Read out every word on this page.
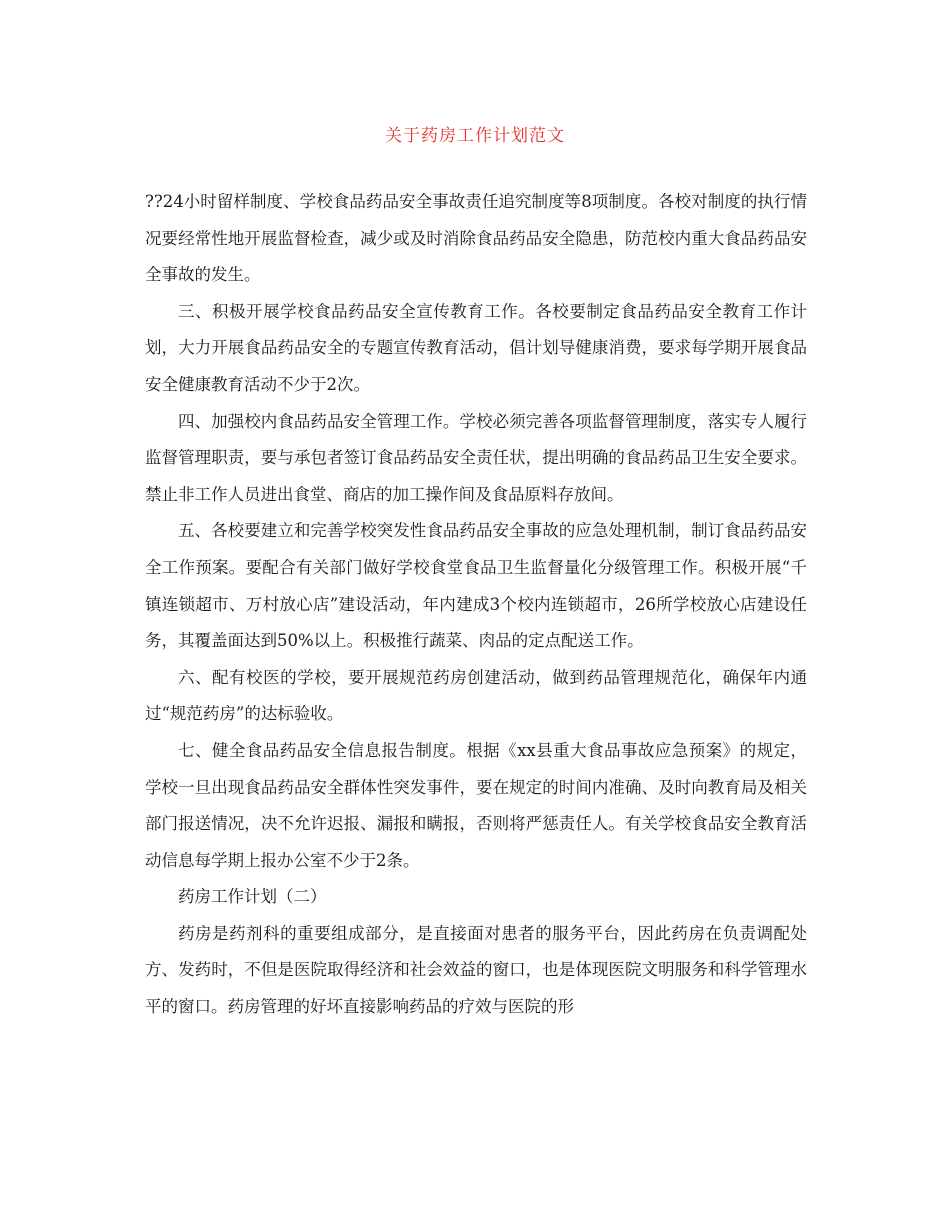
关于药房工作计划范文

??24小时留样制度、学校食品药品安全事故责任追究制度等8项制度。各校对制度的执行情况要经常性地开展监督检查，减少或及时消除食品药品安全隐患，防范校内重大食品药品安全事故的发生。

三、积极开展学校食品药品安全宣传教育工作。各校要制定食品药品安全教育工作计划，大力开展食品药品安全的专题宣传教育活动，倡计划导健康消费，要求每学期开展食品安全健康教育活动不少于2次。

四、加强校内食品药品安全管理工作。学校必须完善各项监督管理制度，落实专人履行监督管理职责，要与承包者签订食品药品安全责任状，提出明确的食品药品卫生安全要求。禁止非工作人员进出食堂、商店的加工操作间及食品原料存放间。

五、各校要建立和完善学校突发性食品药品安全事故的应急处理机制，制订食品药品安全工作预案。要配合有关部门做好学校食堂食品卫生监督量化分级管理工作。积极开展“千镇连锁超市、万村放心店”建设活动，年内建成3个校内连锁超市，26所学校放心店建设任务，其覆盖面达到50%以上。积极推行蔬菜、肉品的定点配送工作。

六、配有校医的学校，要开展规范药房创建活动，做到药品管理规范化，确保年内通过“规范药房”的达标验收。

七、健全食品药品安全信息报告制度。根据《xx县重大食品事故应急预案》的规定，学校一旦出现食品药品安全群体性突发事件，要在规定的时间内准确、及时向教育局及相关部门报送情况，决不允许迟报、漏报和瞒报，否则将严惩责任人。有关学校食品安全教育活动信息每学期上报办公室不少于2条。

药房工作计划（二）

药房是药剂科的重要组成部分，是直接面对患者的服务平台，因此药房在负责调配处方、发药时，不但是医院取得经济和社会效益的窗口，也是体现医院文明服务和科学管理水平的窗口。药房管理的好坏直接影响药品的疗效与医院的形
